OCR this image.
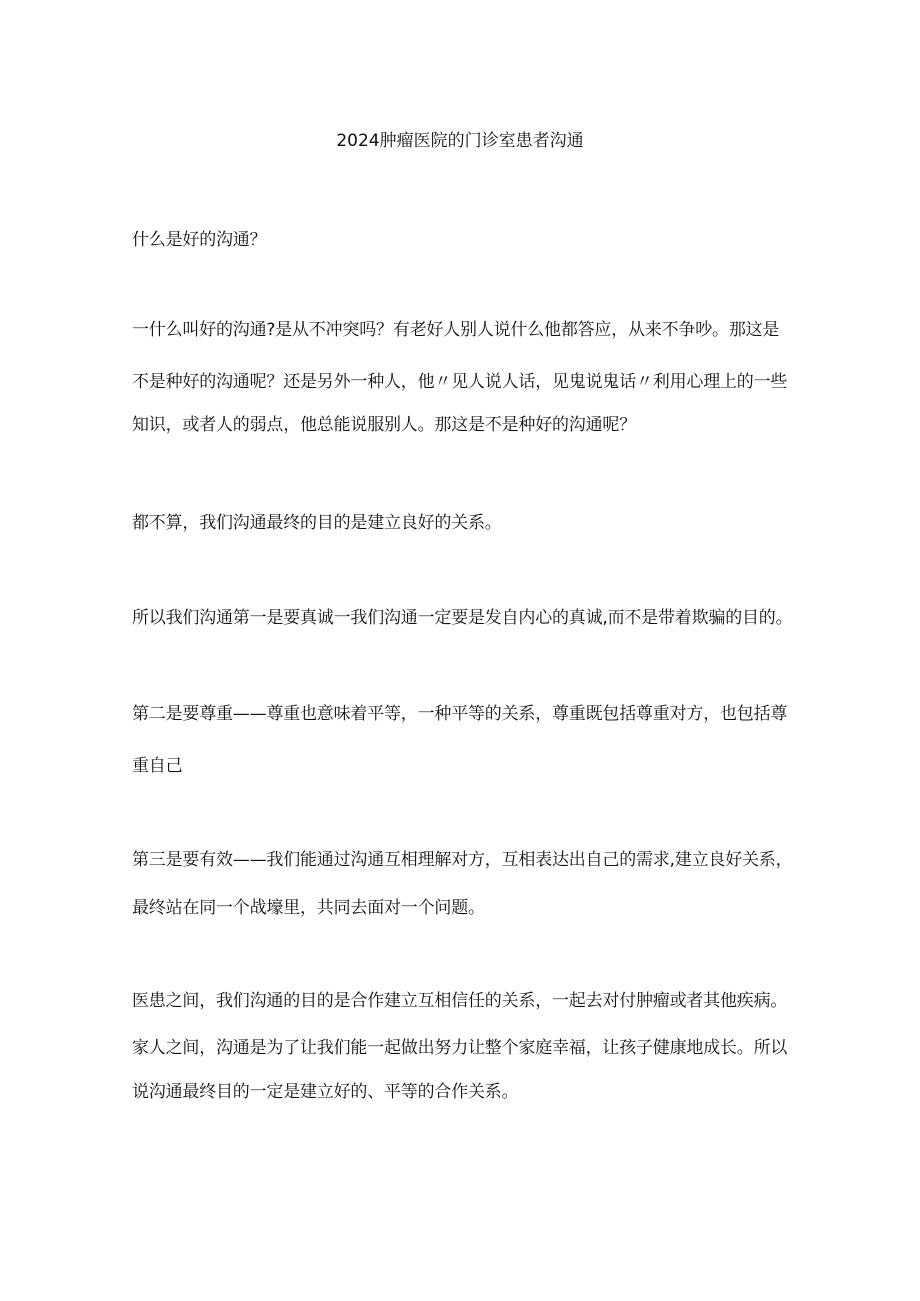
2024肿瘤医院的门诊室患者沟通
什么是好的沟通？
一什么叫好的沟通?是从不冲突吗？有老好人别人说什么他都答应，从来不争吵。那这是
不是种好的沟通呢？还是另外一种人，他〃见人说人话，见鬼说鬼话〃利用心理上的一些
知识，或者人的弱点，他总能说服别人。那这是不是种好的沟通呢？
都不算，我们沟通最终的目的是建立良好的关系。
所以我们沟通第一是要真诚一我们沟通一定要是发自内心的真诚,而不是带着欺骗的目的。
第二是要尊重——尊重也意味着平等，一种平等的关系，尊重既包括尊重对方，也包括尊
重自己
第三是要有效——我们能通过沟通互相理解对方，互相表达出自己的需求,建立良好关系，
最终站在同一个战壕里，共同去面对一个问题。
医患之间，我们沟通的目的是合作建立互相信任的关系，一起去对付肿瘤或者其他疾病。
家人之间，沟通是为了让我们能一起做出努力让整个家庭幸福，让孩子健康地成长。所以
说沟通最终目的一定是建立好的、平等的合作关系。
